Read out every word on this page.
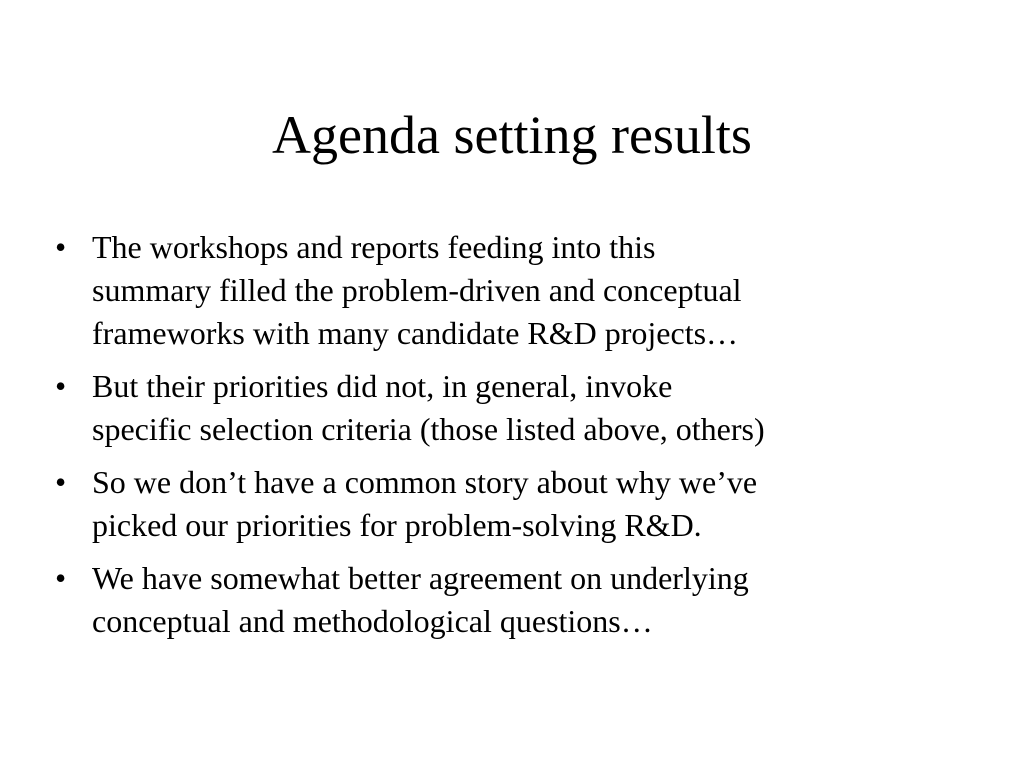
Agenda setting results
• The workshops and reports feeding into this
summary filled the problem-driven and conceptual
frameworks with many candidate R&D projects…
• But their priorities did not, in general, invoke
specific selection criteria (those listed above, others)
• So we don’t have a common story about why we’ve
picked our priorities for problem-solving R&D.
• We have somewhat better agreement on underlying
conceptual and methodological questions…
